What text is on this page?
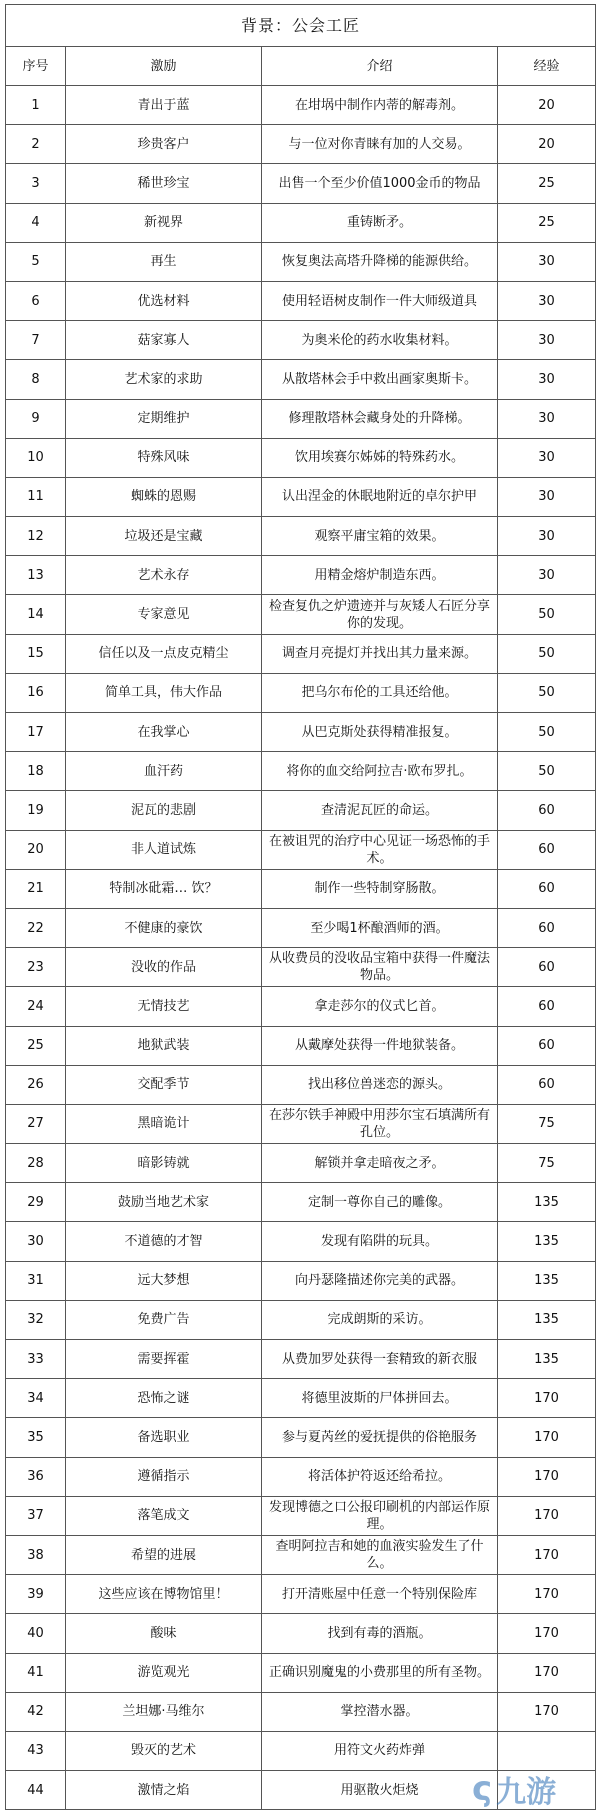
背景：公会工匠			
序号	激励	介绍	经验
1	青出于蓝	在坩埚中制作内蒂的解毒剂。	20
2	珍贵客户	与一位对你青睐有加的人交易。	20
3	稀世珍宝	出售一个至少价值1000金币的物品	25
4	新视界	重铸断矛。	25
5	再生	恢复奥法高塔升降梯的能源供给。	30
6	优选材料	使用轻语树皮制作一件大师级道具	30
7	菇家寡人	为奥米伦的药水收集材料。	30
8	艺术家的求助	从散塔林会手中救出画家奥斯卡。	30
9	定期维护	修理散塔林会藏身处的升降梯。	30
10	特殊风味	饮用埃赛尔姊姊的特殊药水。	30
11	蜘蛛的恩赐	认出涅金的休眠地附近的卓尔护甲	30
12	垃圾还是宝藏	观察平庸宝箱的效果。	30
13	艺术永存	用精金熔炉制造东西。	30
14	专家意见	检查复仇之炉遗迹并与灰矮人石匠分享你的发现。	50
15	信任以及一点皮克精尘	调查月亮提灯并找出其力量来源。	50
16	简单工具，伟大作品	把乌尔布伦的工具还给他。	50
17	在我掌心	从巴克斯处获得精准报复。	50
18	血汗药	将你的血交给阿拉吉·欧布罗扎。	50
19	泥瓦的悲剧	查清泥瓦匠的命运。	60
20	非人道试炼	在被诅咒的治疗中心见证一场恐怖的手术。	60
21	特制冰砒霜… 饮？	制作一些特制穿肠散。	60
22	不健康的豪饮	至少喝1杯酿酒师的酒。	60
23	没收的作品	从收费员的没收品宝箱中获得一件魔法物品。	60
24	无情技艺	拿走莎尔的仪式匕首。	60
25	地狱武装	从戴摩处获得一件地狱装备。	60
26	交配季节	找出移位兽迷恋的源头。	60
27	黑暗诡计	在莎尔铁手神殿中用莎尔宝石填满所有孔位。	75
28	暗影铸就	解锁并拿走暗夜之矛。	75
29	鼓励当地艺术家	定制一尊你自己的雕像。	135
30	不道德的才智	发现有陷阱的玩具。	135
31	远大梦想	向丹瑟隆描述你完美的武器。	135
32	免费广告	完成朗斯的采访。	135
33	需要挥霍	从费加罗处获得一套精致的新衣服	135
34	恐怖之谜	将德里波斯的尸体拼回去。	170
35	备选职业	参与夏芮丝的爱抚提供的俗艳服务	170
36	遵循指示	将活体护符返还给希拉。	170
37	落笔成文	发现博德之口公报印刷机的内部运作原理。	170
38	希望的进展	查明阿拉吉和她的血液实验发生了什么。	170
39	这些应该在博物馆里！	打开清账屋中任意一个特别保险库	170
40	酸味	找到有毒的酒瓶。	170
41	游览观光	正确识别魔鬼的小费那里的所有圣物。	170
42	兰坦娜·马维尔	掌控潜水器。	170
43	毁灭的艺术	用符文火药炸弹	
44	激情之焰	用驱散火炬烧	ς 九游
